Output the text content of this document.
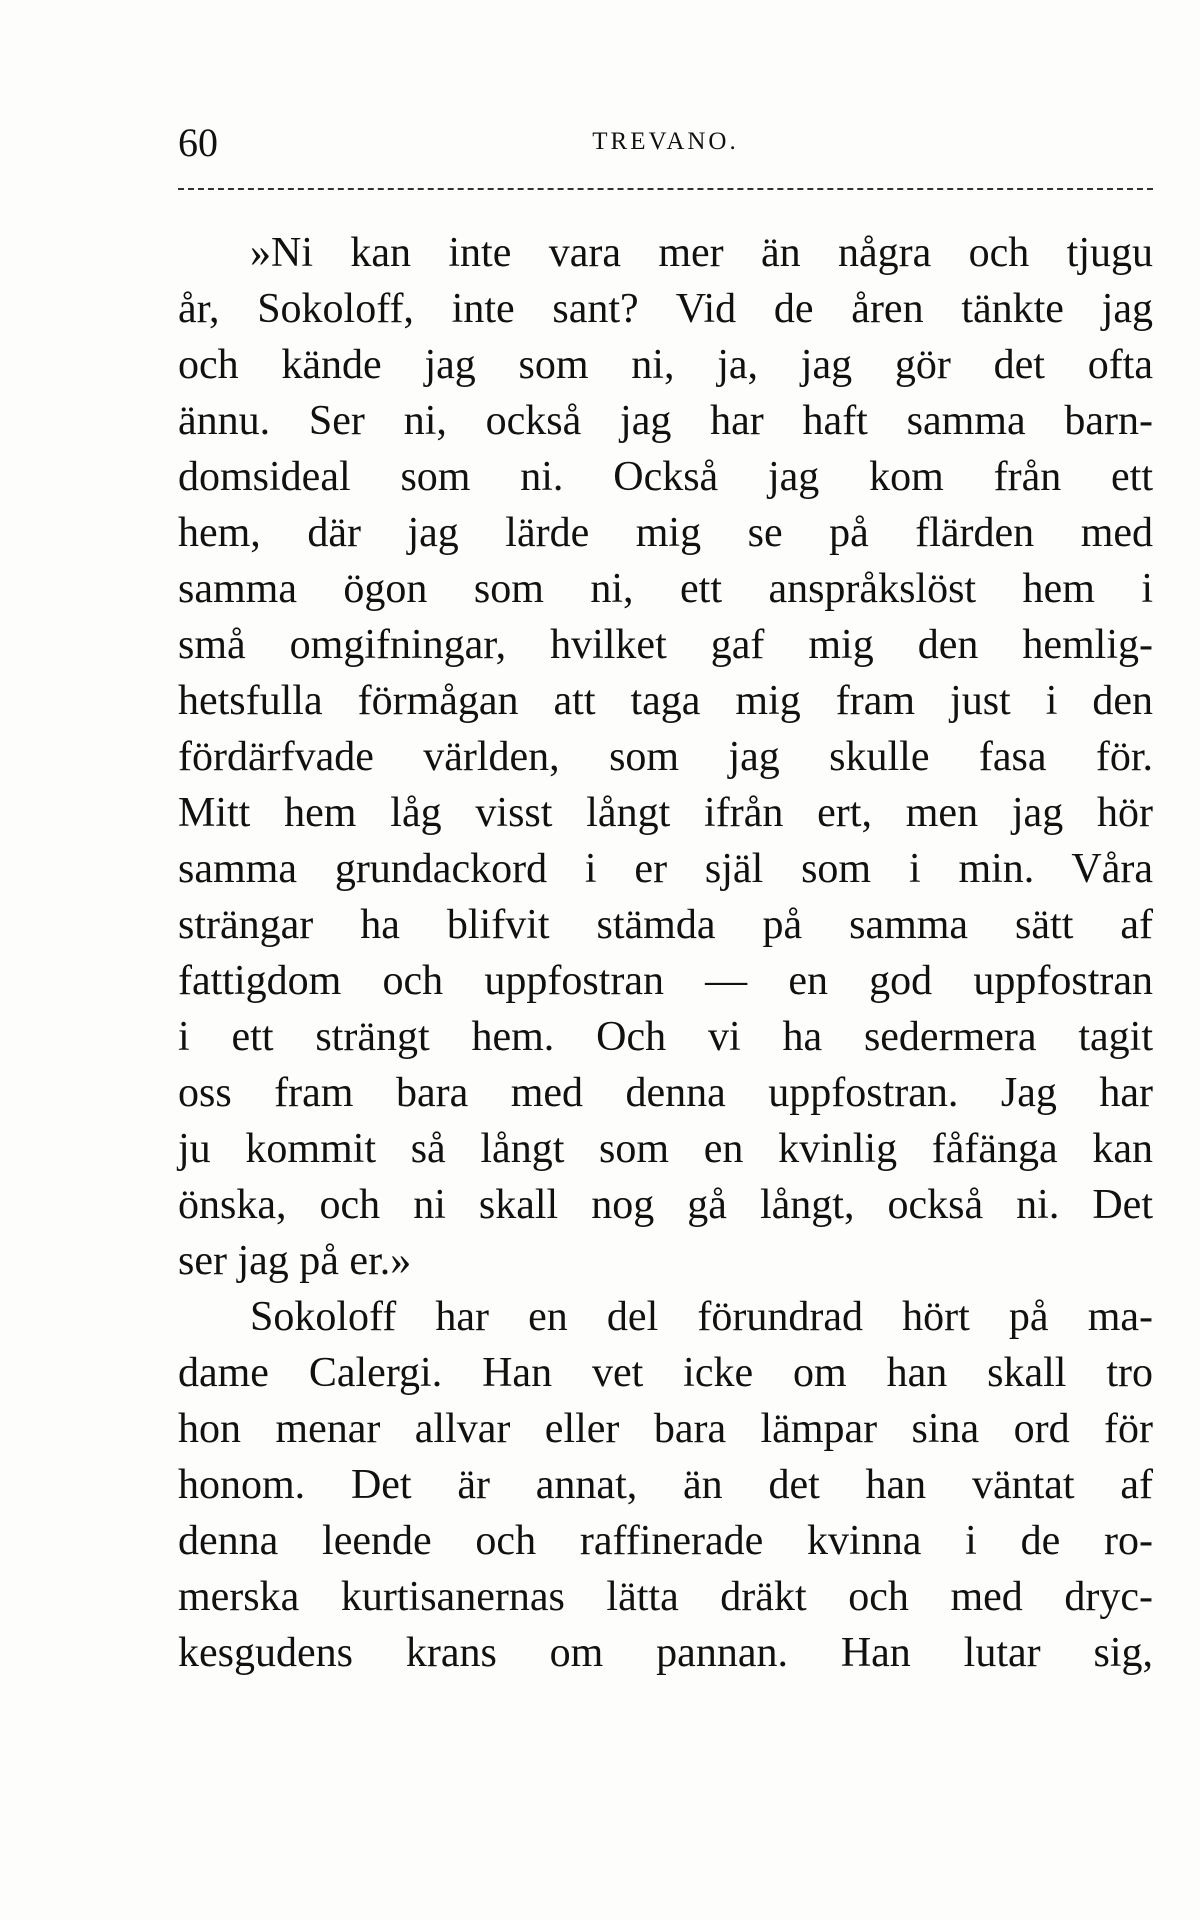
60	TREVANO.
»Ni kan inte vara mer än några och tjugu
år, Sokoloff, inte sant? Vid de åren tänkte jag
och kände jag som ni, ja, jag gör det ofta
ännu. Ser ni, också jag har haft samma barn-
domsideal som ni. Också jag kom från ett
hem, där jag lärde mig se på flärden med
samma ögon som ni, ett anspråkslöst hem i
små omgifningar, hvilket gaf mig den hemlig-
hetsfulla förmågan att taga mig fram just i den
fördärfvade världen, som jag skulle fasa för.
Mitt hem låg visst långt ifrån ert, men jag hör
samma grundackord i er själ som i min. Våra
strängar ha blifvit stämda på samma sätt af
fattigdom och uppfostran — en god uppfostran
i ett strängt hem. Och vi ha sedermera tagit
oss fram bara med denna uppfostran. Jag har
ju kommit så långt som en kvinlig fåfänga kan
önska, och ni skall nog gå långt, också ni. Det
ser jag på er.»
Sokoloff har en del förundrad hört på ma-
dame Calergi. Han vet icke om han skall tro
hon menar allvar eller bara lämpar sina ord för
honom. Det är annat, än det han väntat af
denna leende och raffinerade kvinna i de ro-
merska kurtisanernas lätta dräkt och med dryc-
kesgudens krans om pannan. Han lutar sig,
